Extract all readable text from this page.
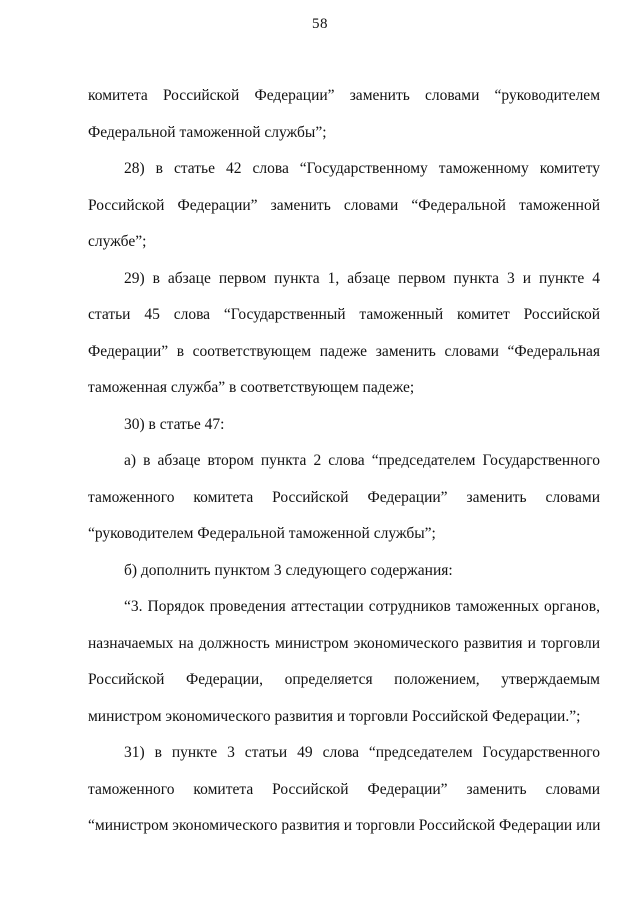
58

комитета Российской Федерации” заменить словами “руководителем
Федеральной таможенной службы”;

28) в статье 42 слова “Государственному таможенному комитету
Российской Федерации” заменить словами “Федеральной таможенной
службе”;

29) в абзаце первом пункта 1, абзаце первом пункта 3 и пункте 4
статьи 45 слова “Государственный таможенный комитет Российской
Федерации” в соответствующем падеже заменить словами “Федеральная
таможенная служба” в соответствующем падеже;

30) в статье 47:

а) в абзаце втором пункта 2 слова “председателем Государственного
таможенного комитета Российской Федерации” заменить словами
“руководителем Федеральной таможенной службы”;

б) дополнить пунктом 3 следующего содержания:

“3. Порядок проведения аттестации сотрудников таможенных органов,
назначаемых на должность министром экономического развития и торговли
Российской Федерации, определяется положением, утверждаемым
министром экономического развития и торговли Российской Федерации.”;

31) в пункте 3 статьи 49 слова “председателем Государственного
таможенного комитета Российской Федерации” заменить словами
“министром экономического развития и торговли Российской Федерации или
